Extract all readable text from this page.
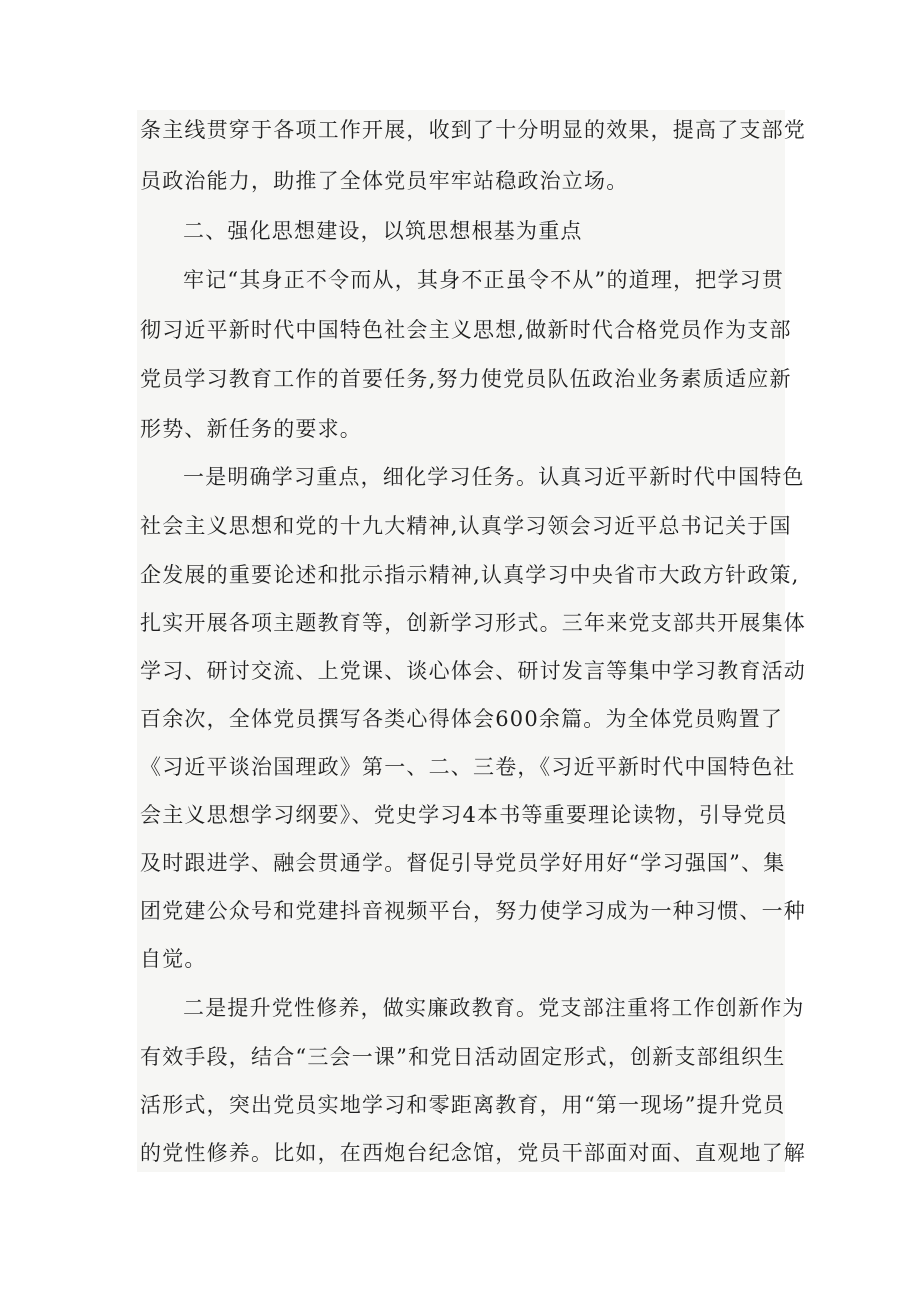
条主线贯穿于各项工作开展，收到了十分明显的效果，提高了支部党
员政治能力，助推了全体党员牢牢站稳政治立场。
二、强化思想建设，以筑思想根基为重点
牢记“其身正不令而从，其身不正虽令不从”的道理，把学习贯
彻习近平新时代中国特色社会主义思想,做新时代合格党员作为支部
党员学习教育工作的首要任务,努力使党员队伍政治业务素质适应新
形势、新任务的要求。
一是明确学习重点，细化学习任务。认真习近平新时代中国特色
社会主义思想和党的十九大精神,认真学习领会习近平总书记关于国
企发展的重要论述和批示指示精神,认真学习中央省市大政方针政策,
扎实开展各项主题教育等，创新学习形式。三年来党支部共开展集体
学习、研讨交流、上党课、谈心体会、研讨发言等集中学习教育活动
百余次，全体党员撰写各类心得体会600余篇。为全体党员购置了
《习近平谈治国理政》第一、二、三卷，《习近平新时代中国特色社
会主义思想学习纲要》、党史学习4本书等重要理论读物，引导党员
及时跟进学、融会贯通学。督促引导党员学好用好“学习强国”、集
团党建公众号和党建抖音视频平台，努力使学习成为一种习惯、一种
自觉。
二是提升党性修养，做实廉政教育。党支部注重将工作创新作为
有效手段，结合“三会一课”和党日活动固定形式，创新支部组织生
活形式，突出党员实地学习和零距离教育，用“第一现场”提升党员
的党性修养。比如，在西炮台纪念馆，党员干部面对面、直观地了解
